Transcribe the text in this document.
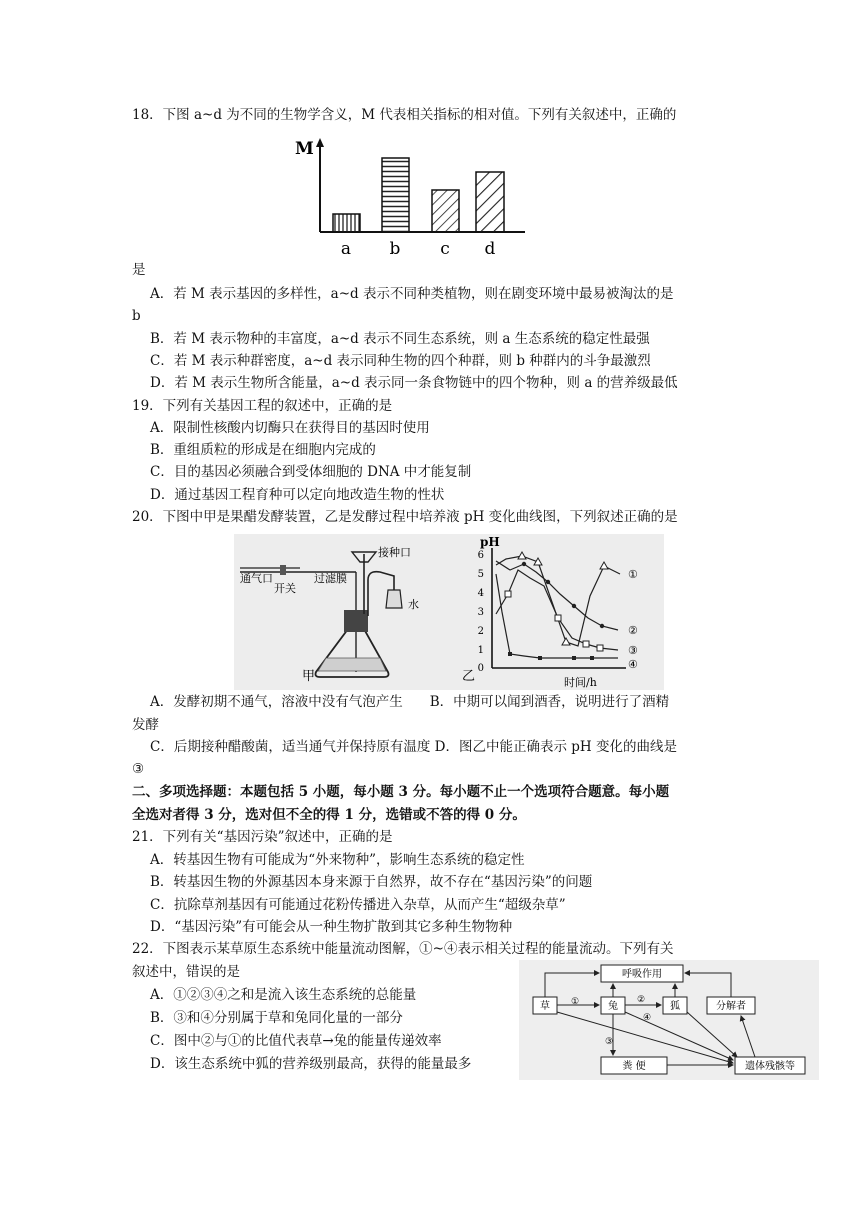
18．下图 a~d 为不同的生物学含义，M 代表相关指标的相对值。下列有关叙述中，正确的
M
a b c d
是
A．若 M 表示基因的多样性，a~d 表示不同种类植物，则在剧变环境中最易被淘汰的是
b
B．若 M 表示物种的丰富度，a~d 表示不同生态系统，则 a 生态系统的稳定性最强
C．若 M 表示种群密度，a~d 表示同种生物的四个种群，则 b 种群内的斗争最激烈
D．若 M 表示生物所含能量，a~d 表示同一条食物链中的四个物种，则 a 的营养级最低
19．下列有关基因工程的叙述中，正确的是
A．限制性核酸内切酶只在获得目的基因时使用
B．重组质粒的形成是在细胞内完成的
C．目的基因必须融合到受体细胞的 DNA 中才能复制
D．通过基因工程育种可以定向地改造生物的性状
20．下图中甲是果醋发酵装置，乙是发酵过程中培养液 pH 变化曲线图，下列叙述正确的是
通气口
开关
过滤膜
接种口
水
甲
pH
0
1
2
3
4
5
6
①
②
③
④
乙	时间/h
A．发酵初期不通气，溶液中没有气泡产生　　B．中期可以闻到酒香，说明进行了酒精
发酵
C．后期接种醋酸菌，适当通气并保持原有温度 D．图乙中能正确表示 pH 变化的曲线是
③
二、多项选择题：本题包括 5 小题，每小题 3 分。每小题不止一个选项符合题意。每小题
全选对者得 3 分，选对但不全的得 1 分，选错或不答的得 0 分。
21．下列有关“基因污染”叙述中，正确的是
A．转基因生物有可能成为“外来物种”，影响生态系统的稳定性
B．转基因生物的外源基因本身来源于自然界，故不存在“基因污染”的问题
C．抗除草剂基因有可能通过花粉传播进入杂草，从而产生“超级杂草”
D．“基因污染”有可能会从一种生物扩散到其它多种生物物种
22．下图表示某草原生态系统中能量流动图解，①~④表示相关过程的能量流动。下列有关
叙述中，错误的是
A．①②③④之和是流入该生态系统的总能量
B．③和④分别属于草和兔同化量的一部分
C．图中②与①的比值代表草→兔的能量传递效率
D．该生态系统中狐的营养级别最高，获得的能量最多
呼吸作用
草	兔	狐	分解者
粪 便	遗体残骸等
①	②
③
④
